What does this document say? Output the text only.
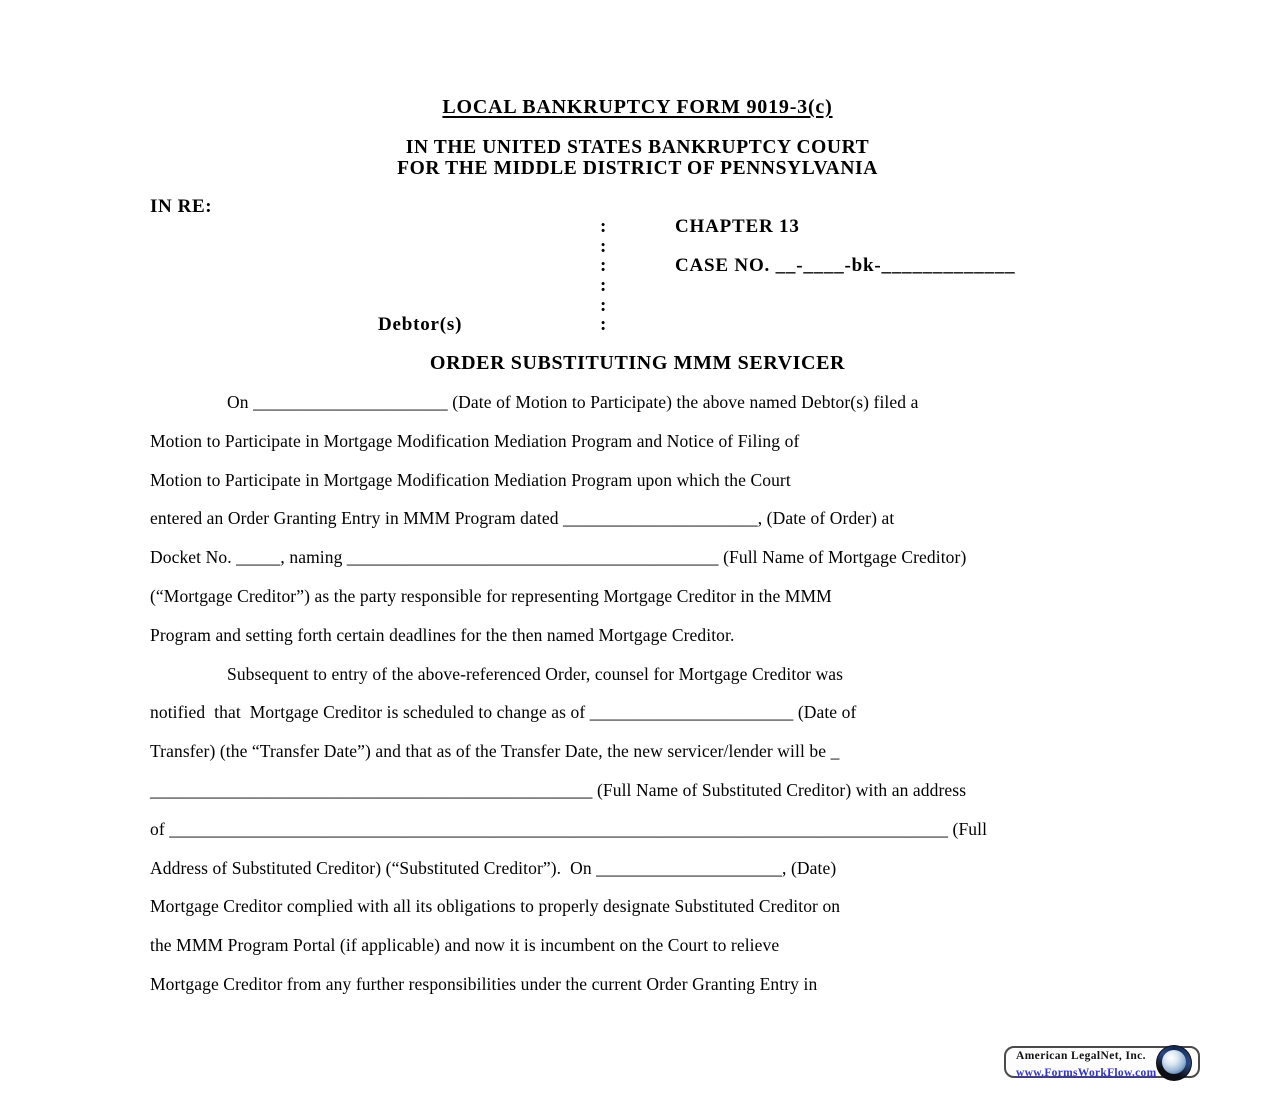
LOCAL BANKRUPTCY FORM 9019-3(c)
IN THE UNITED STATES BANKRUPTCY COURT
FOR THE MIDDLE DISTRICT OF PENNSYLVANIA
IN RE:
:	CHAPTER 13
:
:	CASE NO. __-____-bk-_____________
:
:
Debtor(s)	:
ORDER SUBSTITUTING MMM SERVICER
On ______________________ (Date of Motion to Participate) the above named Debtor(s) filed a
Motion to Participate in Mortgage Modification Mediation Program and Notice of Filing of
Motion to Participate in Mortgage Modification Mediation Program upon which the Court
entered an Order Granting Entry in MMM Program dated ______________________, (Date of Order) at
Docket No. _____, naming __________________________________________ (Full Name of Mortgage Creditor)
(“Mortgage Creditor”) as the party responsible for representing Mortgage Creditor in the MMM
Program and setting forth certain deadlines for the then named Mortgage Creditor.
Subsequent to entry of the above-referenced Order, counsel for Mortgage Creditor was
notified  that  Mortgage Creditor is scheduled to change as of _______________________ (Date of
Transfer) (the “Transfer Date”) and that as of the Transfer Date, the new servicer/lender will be _
__________________________________________________ (Full Name of Substituted Creditor) with an address
of ________________________________________________________________________________________ (Full
Address of Substituted Creditor) (“Substituted Creditor”).  On _____________________, (Date)
Mortgage Creditor complied with all its obligations to properly designate Substituted Creditor on
the MMM Program Portal (if applicable) and now it is incumbent on the Court to relieve
Mortgage Creditor from any further responsibilities under the current Order Granting Entry in
American LegalNet, Inc.
www.FormsWorkFlow.com
